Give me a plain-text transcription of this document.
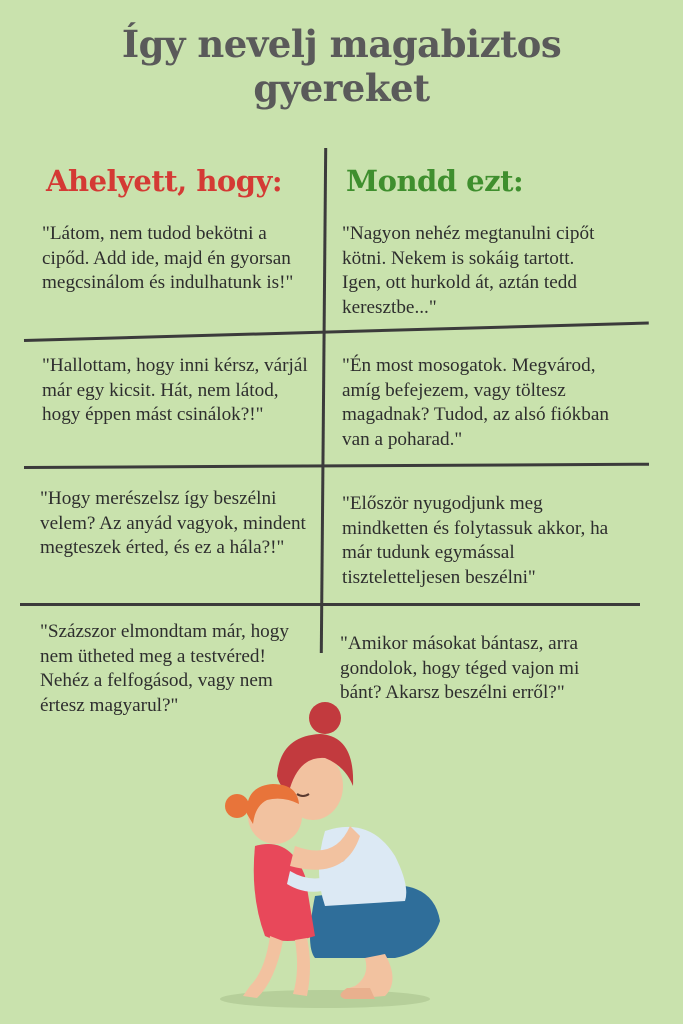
Így nevelj magabiztos
gyereket
Ahelyett, hogy: Mondd ezt:
"Látom, nem tudod bekötni a cipőd. Add ide, majd én gyorsan megcsinálom és indulhatunk is!"
"Nagyon nehéz megtanulni cipőt kötni. Nekem is sokáig tartott. Igen, ott hurkold át, aztán tedd keresztbe..."
"Hallottam, hogy inni kérsz, várjál már egy kicsit. Hát, nem látod, hogy éppen mást csinálok?!"
"Én most mosogatok. Megvárod, amíg befejezem, vagy töltesz magadnak? Tudod, az alsó fiókban van a poharad."
"Hogy merészelsz így beszélni velem? Az anyád vagyok, mindent megteszek érted, és ez a hála?!"
"Először nyugodjunk meg mindketten és folytassuk akkor, ha már tudunk egymással tiszteletteljesen beszélni"
"Százszor elmondtam már, hogy nem ütheted meg a testvéred! Nehéz a felfogásod, vagy nem értesz magyarul?"
"Amikor másokat bántasz, arra gondolok, hogy téged vajon mi bánt? Akarsz beszélni erről?"
